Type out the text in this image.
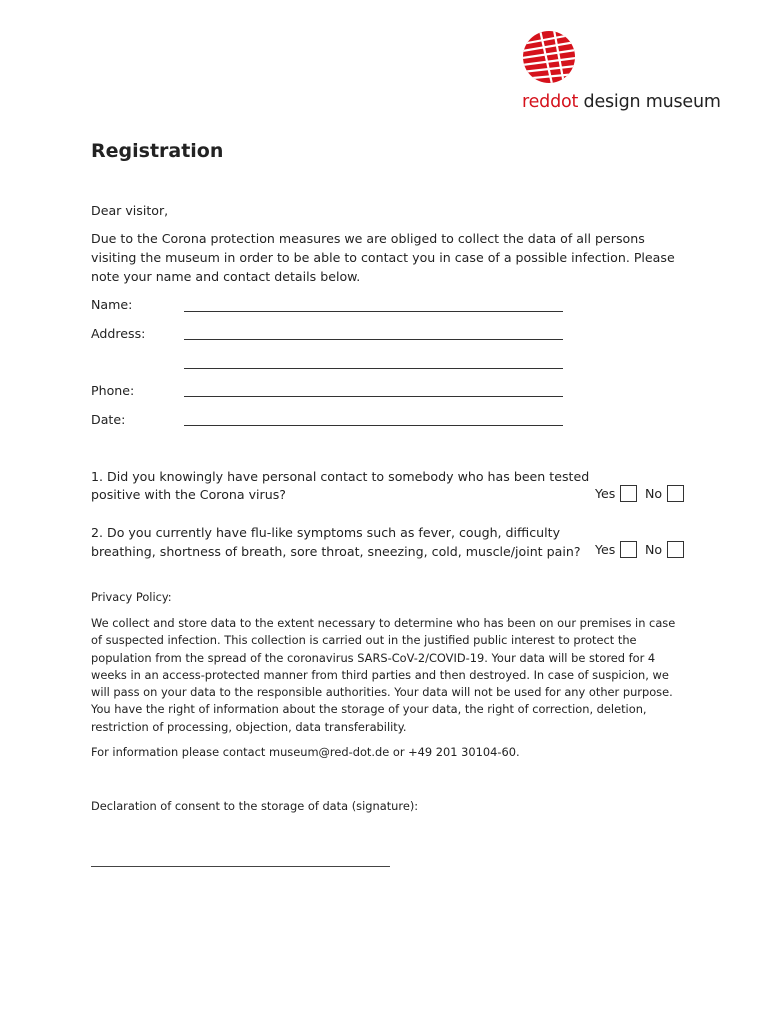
reddot design museum
Registration
Dear visitor,
Due to the Corona protection measures we are obliged to collect the data of all persons
visiting the museum in order to be able to contact you in case of a possible infection. Please
note your name and contact details below.
Name:
Address:
Phone:
Date:
1. Did you knowingly have personal contact to somebody who has been tested
positive with the Corona virus?	Yes No
2. Do you currently have flu-like symptoms such as fever, cough, difficulty
breathing, shortness of breath, sore throat, sneezing, cold, muscle/joint pain? Yes No
Privacy Policy:
We collect and store data to the extent necessary to determine who has been on our premises in case
of suspected infection. This collection is carried out in the justified public interest to protect the
population from the spread of the coronavirus SARS-CoV-2/COVID-19. Your data will be stored for 4
weeks in an access-protected manner from third parties and then destroyed. In case of suspicion, we
will pass on your data to the responsible authorities. Your data will not be used for any other purpose.
You have the right of information about the storage of your data, the right of correction, deletion,
restriction of processing, objection, data transferability.
For information please contact museum@red-dot.de or +49 201 30104-60.
Declaration of consent to the storage of data (signature):
